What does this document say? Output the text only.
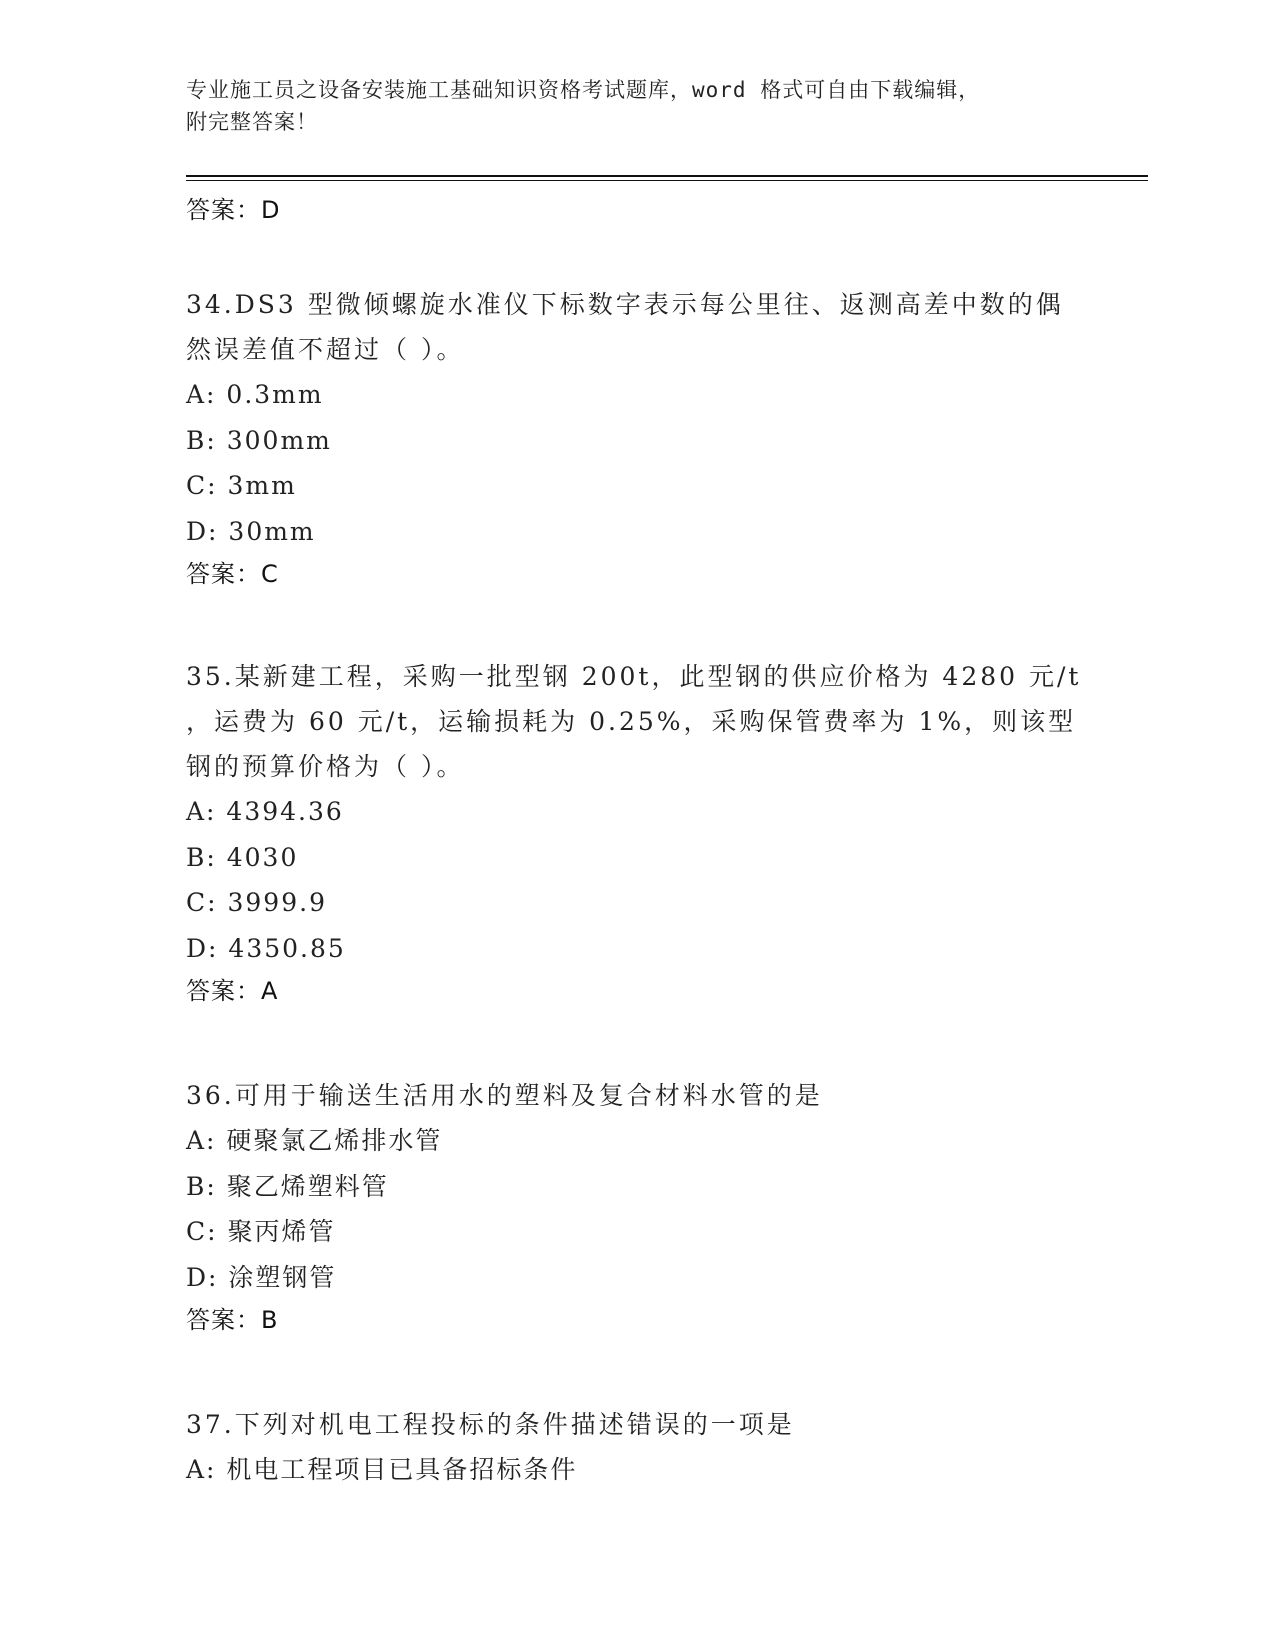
专业施工员之设备安装施工基础知识资格考试题库，word 格式可自由下载编辑，
附完整答案！
答案：D
34.DS3 型微倾螺旋水准仪下标数字表示每公里往、返测高差中数的偶
然误差值不超过（ ）。
A: 0.3mm
B: 300mm
C: 3mm
D: 30mm
答案：C
35.某新建工程，采购一批型钢 200t，此型钢的供应价格为 4280 元/t
，运费为 60 元/t，运输损耗为 0.25%，采购保管费率为 1%，则该型
钢的预算价格为（ ）。
A: 4394.36
B: 4030
C: 3999.9
D: 4350.85
答案：A
36.可用于输送生活用水的塑料及复合材料水管的是
A: 硬聚氯乙烯排水管
B: 聚乙烯塑料管
C: 聚丙烯管
D: 涂塑钢管
答案：B
37.下列对机电工程投标的条件描述错误的一项是
A: 机电工程项目已具备招标条件
